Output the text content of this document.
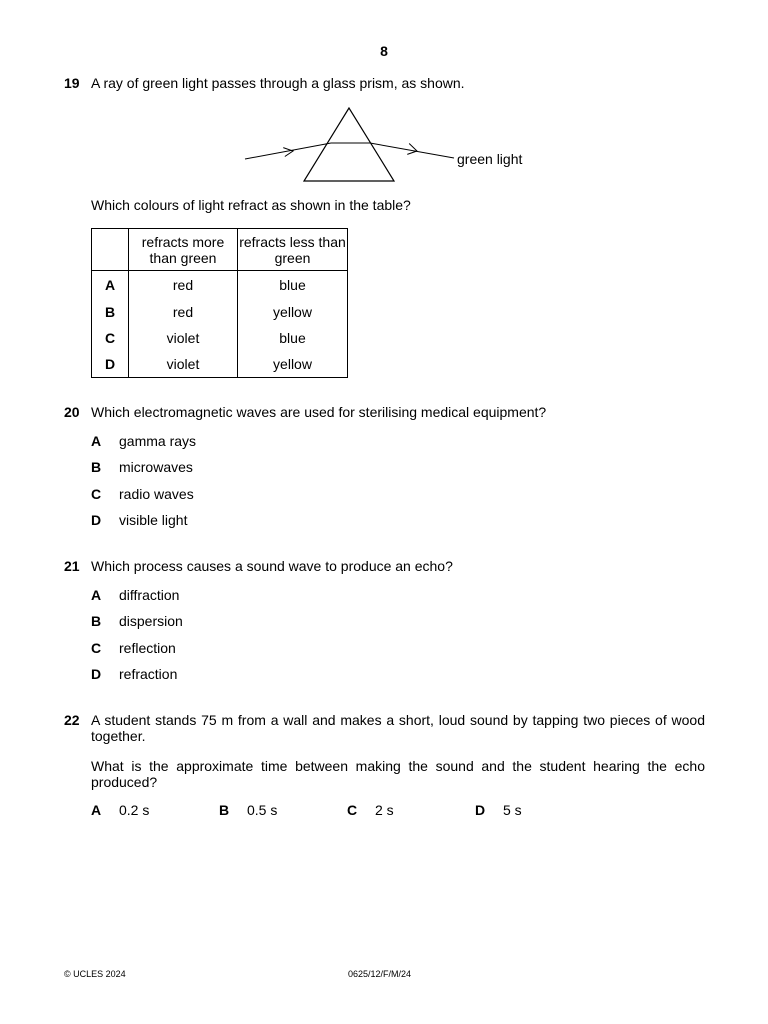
8
19 A ray of green light passes through a glass prism, as shown.
green light
Which colours of light refract as shown in the table?
	refracts more than green	refracts less than green
A	red	blue
B	red	yellow
C	violet	blue
D	violet	yellow
20 Which electromagnetic waves are used for sterilising medical equipment?
A gamma rays
B microwaves
C radio waves
D visible light
21 Which process causes a sound wave to produce an echo?
A diffraction
B dispersion
C reflection
D refraction
22 A student stands 75 m from a wall and makes a short, loud sound by tapping two pieces of wood together.
What is the approximate time between making the sound and the student hearing the echo produced?
A 0.2 s	B 0.5 s	C 2 s	D 5 s
© UCLES 2024	0625/12/F/M/24
